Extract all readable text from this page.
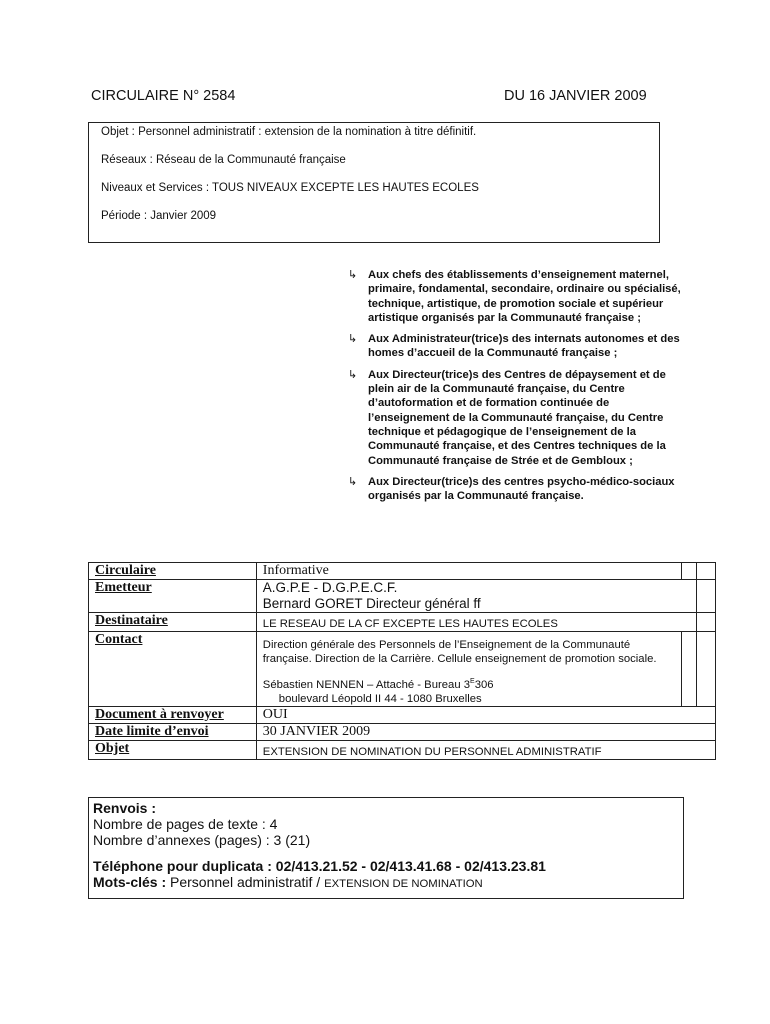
CIRCULAIRE N° 2584	DU 16 JANVIER 2009
Objet : Personnel administratif : extension de la nomination à titre définitif.
Réseaux : Réseau de la Communauté française
Niveaux et Services : TOUS NIVEAUX EXCEPTE LES HAUTES ECOLES
Période : Janvier 2009
↳ Aux chefs des établissements d’enseignement maternel, primaire, fondamental, secondaire, ordinaire ou spécialisé, technique, artistique, de promotion sociale et supérieur artistique organisés par la Communauté française ;
↳ Aux Administrateur(trice)s des internats autonomes et des homes d’accueil de la Communauté française ;
↳ Aux Directeur(trice)s des Centres de dépaysement et de plein air de la Communauté française, du Centre d’autoformation et de formation continuée de l’enseignement de la Communauté française, du Centre technique et pédagogique de l’enseignement de la Communauté française, et des Centres techniques de la Communauté française de Strée et de Gembloux ;
↳ Aux Directeur(trice)s des centres psycho-médico-sociaux organisés par la Communauté française.
Circulaire	Informative		
Emetteur	A.G.P.E - D.G.P.E.C.F.
Bernard GORET Directeur général ff		

Destinataire	LE RESEAU DE LA CF EXCEPTE LES HAUTES ECOLES		
Contact	Direction générale des Personnels de l’Enseignement de la Communauté française. Direction de la Carrière. Cellule enseignement de promotion sociale.
Sébastien NENNEN – Attaché - Bureau $3^E306$
boulevard Léopold II 44 - 1080 Bruxelles		

Document à renvoyer	OUI		
Date limite d’envoi	30 JANVIER 2009		
Objet	EXTENSION DE NOMINATION DU PERSONNEL ADMINISTRATIF		
Renvois :
Nombre de pages de texte : 4
Nombre d’annexes (pages) : 3 (21)
Téléphone pour duplicata : 02/413.21.52 - 02/413.41.68 - 02/413.23.81
Mots-clés : Personnel administratif / EXTENSION DE NOMINATION
